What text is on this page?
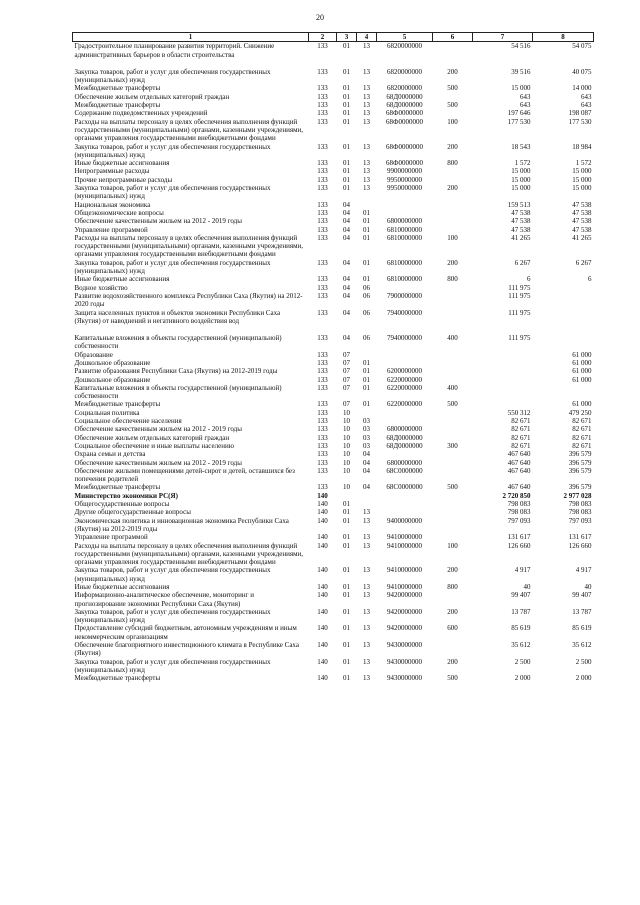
20
1	2	3	4	5	6	7	8
Градостроительное планирование развития территорий. Снижение административных барьеров в области строительства	133	01	13	6820000000		54 516	54 075
Закупка товаров, работ и услуг для обеспечения государственных (муниципальных) нужд	133	01	13	6820000000	200	39 516	40 075
Межбюджетные трансферты	133	01	13	6820000000	500	15 000	14 000
Обеспечение жильем отдельных категорий граждан	133	01	13	68Д0000000		643	643
Межбюджетные трансферты	133	01	13	68Д0000000	500	643	643
Содержание подведомственных учреждений	133	01	13	68Ф0000000		197 646	198 087
Расходы на выплаты персоналу в целях обеспечения выполнения функций государственными (муниципальными) органами, казенными учреждениями, органами управления государственными внебюджетными фондами	133	01	13	68Ф0000000	100	177 530	177 530
Закупка товаров, работ и услуг для обеспечения государственных (муниципальных) нужд	133	01	13	68Ф0000000	200	18 543	18 984
Иные бюджетные ассигнования	133	01	13	68Ф0000000	800	1 572	1 572
Непрограммные расходы	133	01	13	9900000000		15 000	15 000
Прочие непрограммные расходы	133	01	13	9950000000		15 000	15 000
Закупка товаров, работ и услуг для обеспечения государственных (муниципальных) нужд	133	01	13	9950000000	200	15 000	15 000
Национальная экономика	133	04				159 513	47 538
Общеэкономические вопросы	133	04	01			47 538	47 538
Обеспечение качественным жильем на 2012 - 2019 годы	133	04	01	6800000000		47 538	47 538
Управление программой	133	04	01	6810000000		47 538	47 538
Расходы на выплаты персоналу в целях обеспечения выполнения функций государственными (муниципальными) органами, казенными учреждениями, органами управления государственными внебюджетными фондами	133	04	01	6810000000	100	41 265	41 265
Закупка товаров, работ и услуг для обеспечения государственных (муниципальных) нужд	133	04	01	6810000000	200	6 267	6 267
Иные бюджетные ассигнования	133	04	01	6810000000	800	6	6
Водное хозяйство	133	04	06			111 975	
Развитие водохозяйственного комплекса Республики Саха (Якутия) на 2012-2020 годы	133	04	06	7900000000		111 975	
Защита населенных пунктов и объектов экономики Республики Саха (Якутия) от наводнений и негативного воздействия вод	133	04	06	7940000000		111 975	
Капитальные вложения в объекты государственной (муниципальной) собственности	133	04	06	7940000000	400	111 975	
Образование	133	07					61 000
Дошкольное образование	133	07	01				61 000
Развитие образования Республики Саха (Якутия) на 2012-2019 годы	133	07	01	6200000000			61 000
Дошкольное образование	133	07	01	6220000000			61 000
Капитальные вложения в объекты государственной (муниципальной) собственности	133	07	01	6220000000	400		
Межбюджетные трансферты	133	07	01	6220000000	500		61 000
Социальная политика	133	10				550 312	479 250
Социальное обеспечение населения	133	10	03			82 671	82 671
Обеспечение качественным жильем на 2012 - 2019 годы	133	10	03	6800000000		82 671	82 671
Обеспечение жильем отдельных категорий граждан	133	10	03	68Д0000000		82 671	82 671
Социальное обеспечение и иные выплаты населению	133	10	03	68Д0000000	300	82 671	82 671
Охрана семьи и детства	133	10	04			467 640	396 579
Обеспечение качественным жильем на 2012 - 2019 годы	133	10	04	6800000000		467 640	396 579
Обеспечение жилыми помещениями детей-сирот и детей, оставшихся без попечения родителей	133	10	04	68С0000000		467 640	396 579
Межбюджетные трансферты	133	10	04	68С0000000	500	467 640	396 579
Министерство экономики РС(Я)	140					2 720 850	2 977 028
Общегосударственные вопросы	140	01				798 083	798 083
Другие общегосударственные вопросы	140	01	13			798 083	798 083
Экономическая политика и инновационная экономика Республики Саха (Якутия) на 2012-2019 годы	140	01	13	9400000000		797 093	797 093
Управление программой	140	01	13	9410000000		131 617	131 617
Расходы на выплаты персоналу в целях обеспечения выполнения функций государственными (муниципальными) органами, казенными учреждениями, органами управления государственными внебюджетными фондами	140	01	13	9410000000	100	126 660	126 660
Закупка товаров, работ и услуг для обеспечения государственных (муниципальных) нужд	140	01	13	9410000000	200	4 917	4 917
Иные бюджетные ассигнования	140	01	13	9410000000	800	40	40
Информационно-аналитическое обеспечение, мониторинг и прогнозирование экономики Республики Саха (Якутия)	140	01	13	9420000000		99 407	99 407
Закупка товаров, работ и услуг для обеспечения государственных (муниципальных) нужд	140	01	13	9420000000	200	13 787	13 787
Предоставление субсидий бюджетным, автономным учреждениям и иным некоммерческим организациям	140	01	13	9420000000	600	85 619	85 619
Обеспечение благоприятного инвестиционного климата в Республике Саха (Якутия)	140	01	13	9430000000		35 612	35 612
Закупка товаров, работ и услуг для обеспечения государственных (муниципальных) нужд	140	01	13	9430000000	200	2 500	2 500
Межбюджетные трансферты	140	01	13	9430000000	500	2 000	2 000
